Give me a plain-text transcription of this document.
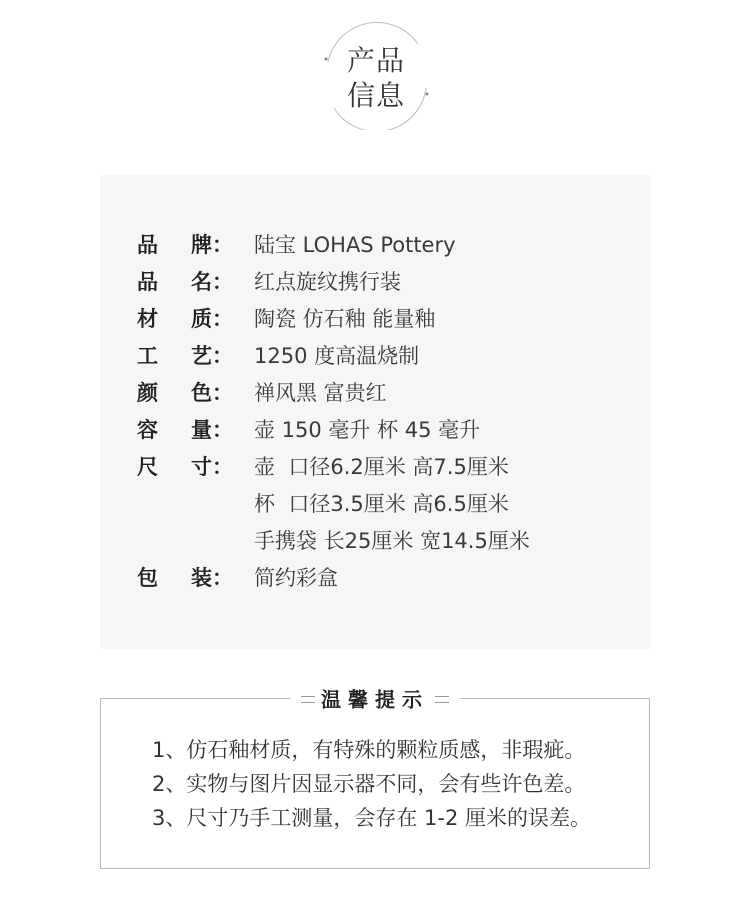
产品
信息
品 牌 ：	陆宝 LOHAS Pottery
品 名 ：	红点旋纹携行装
材 质 ：	陶瓷 仿石釉 能量釉
工 艺 ：	1250 度高温烧制
颜 色 ：	禅风黑 富贵红
容 量 ：	壶 150 毫升 杯 45 毫升
尺 寸 ：	壶  口径6.2厘米 高7.5厘米
杯  口径3.5厘米 高6.5厘米
手携袋 长25厘米 宽14.5厘米
包 装 ：	简约彩盒
温馨提示
1、仿石釉材质，有特殊的颗粒质感，非瑕疵。
2、实物与图片因显示器不同，会有些许色差。
3、尺寸乃手工测量，会存在 1-2 厘米的误差。
